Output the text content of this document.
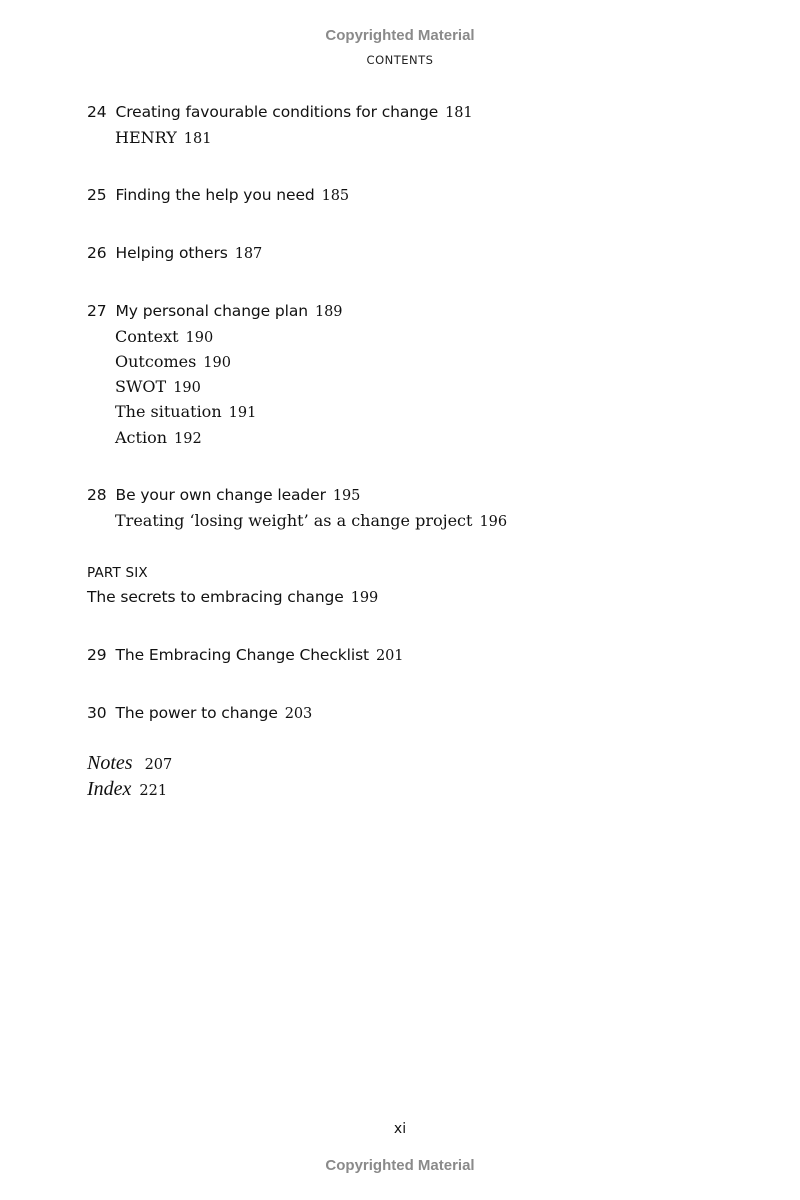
Copyrighted Material
CONTENTS
24 Creating favourable conditions for change 181
HENRY 181
25 Finding the help you need 185
26 Helping others 187
27 My personal change plan 189
Context 190
Outcomes 190
SWOT 190
The situation 191
Action 192
28 Be your own change leader 195
Treating ‘losing weight’ as a change project 196
PART SIX
The secrets to embracing change 199
29 The Embracing Change Checklist 201
30 The power to change 203
Notes 207
Index 221
xi
Copyrighted Material
